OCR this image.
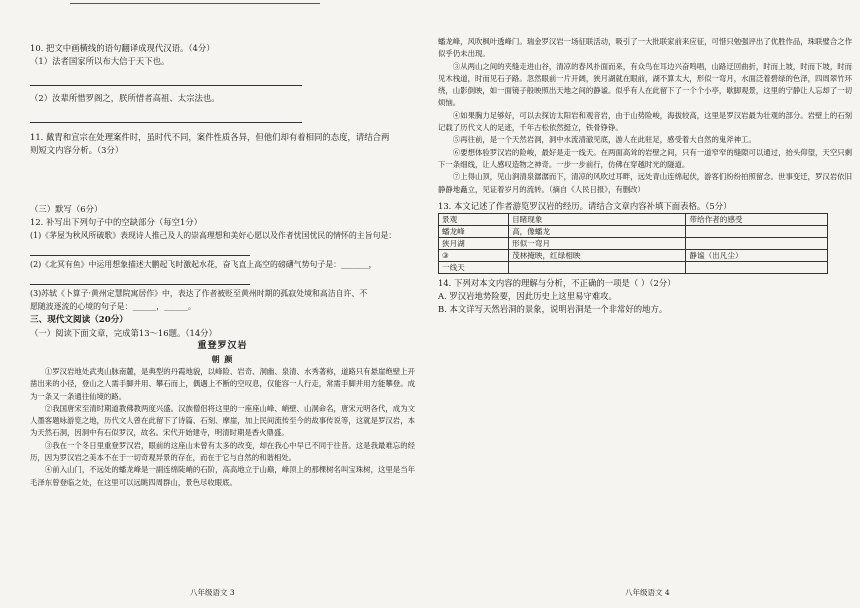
10. 把文中画横线的语句翻译成现代汉语。（4分）

（1）法者国家所以布大信于天下也。

（2）汝辈所惜罗阁之，朕所惜者高祖、太宗法也。

11. 戴胄和宣宗在处理案件时，虽时代不同，案件性质各异，但他们却有着相同的态度，请结合两
则短文内容分析。（3分）

（三）默写（6分）

12. 补写出下列句子中的空缺部分（每空1分）

(1)《茅屋为秋风所破歌》表现诗人推己及人的崇高理想和美好心愿以及作者忧国忧民的情怀的主旨句是：

(2)《北冥有鱼》中运用想象描述大鹏起飞时激起水花，奋飞直上高空的磅礴气势句子是：_______，

(3)苏轼《卜算子·黄州定慧院寓居作》中，表达了作者被贬至黄州时期的孤寂处境和高洁自许、不
愿随波逐流的心境的句子是：______，______。

三、现代文阅读（20分）

（一）阅读下面文章，完成第13～16题。（14分）

重登罗汉岩

朝 颜

①罗汉岩地处武夷山脉南麓，是典型的丹霞地貌，以峰险、岩奇、洞幽、泉清、水秀著称，道路只有悬崖绝壁上开凿出来的小径，登山之人需手脚并用、攀石而上，偶遇上不断的空叹息，仅能容一人行走，常需手脚并用方能攀登。成为一条又一条通往仙境的路。

②我国唐宋至清时期道教佛教两度兴盛。汉族僧侣将这里的一座座山峰、峭壁、山洞命名，唐宋元明各代，成为文人墨客题咏游览之地，历代文人曾在此留下了诗篇、石刻、摩崖，加上民间流传至今的故事传说等，这就是罗汉岩，本为天然石洞，因洞中有石似罗汉，故名。宋代开始建寺，明清时期是香火鼎盛。

③我在一个冬日里重登罗汉岩，眼前的这座山未曾有太多的改变，却在我心中早已不同于往昔。这是我最难忘的经历，因为罗汉岩之美本不在于一切奇观异景的存在，而在于它与自然的和谐相处。

④前入山门，不远处的蟠龙峰是一副连绵陡峭的石阶，高高地立于山巅，峰顶上的那棵树名叫宝珠树，这里是当年毛泽东曾登临之处，在这里可以远眺四周群山，景色尽收眼底。

八年级语文 3

蟠龙峰，风吹枫叶透峰门。瑞金罗汉岩一场征联活动，吸引了一大批联家前来应征，可惜只勉强评出了优胜作品，珠联璧合之作似乎仍未出现。

③从两山之间的夹缝走进山谷，清凉的春风扑面而来，有众鸟在耳边兴奋鸣唱，山路迂回曲折，时而上坡，时而下坡，时而见木栈道，时而见石子路。忽然眼前一片开阔，狭月湖就在眼前，湖不算太大，形似一弯月，水面泛着碧绿的色泽，四周翠竹环绕，山影倒映，如一面镜子般映照出天地之间的静谧。似乎有人在此留下了一个个小亭，歇脚观景，这里的宁静让人忘却了一切烦恼。

④如果胸力足够好，可以去探访太阳岩和观音岩，由于山势险峻，海拔较高，这里是罗汉岩最为壮观的部分。岩壁上的石刻记载了历代文人的足迹，千年古松依然挺立，铁骨铮铮。

⑤再往前，是一个天然岩洞，洞中水流清澈见底，游人在此驻足，感受着大自然的鬼斧神工。

⑥要想体验罗汉岩的险峻，最好是走一线天。在两面高耸的岩壁之间，只有一道窄窄的缝隙可以通过，抬头仰望，天空只剩下一条细线，让人感叹造物之神奇。一步一步前行，仿佛在穿越时光的隧道。

⑦上得山顶，见山涧清泉潺潺而下，清凉的风吹过耳畔，远处青山连绵起伏，游客们纷纷拍照留念。世事变迁，罗汉岩依旧静静地矗立，见证着岁月的流转。（摘自《人民日报》，有删改）

13. 本文记述了作者游览罗汉岩的经历。请结合文章内容补填下面表格。（5分）

景观	目睹现象	带给作者的感受
蟠龙峰	高，像蟠龙	
狭月湖	形似一弯月	
③	茂林掩映，红绿相映	静谧（出凡尘）
一线天		

14. 下列对本文内容的理解与分析，不正确的一项是（ ）（2分）

A. 罗汉岩地势险要，因此历史上这里易守难攻。

B. 本文详写天然岩洞的景象，说明岩洞是一个非常好的地方。

八年级语文 4
